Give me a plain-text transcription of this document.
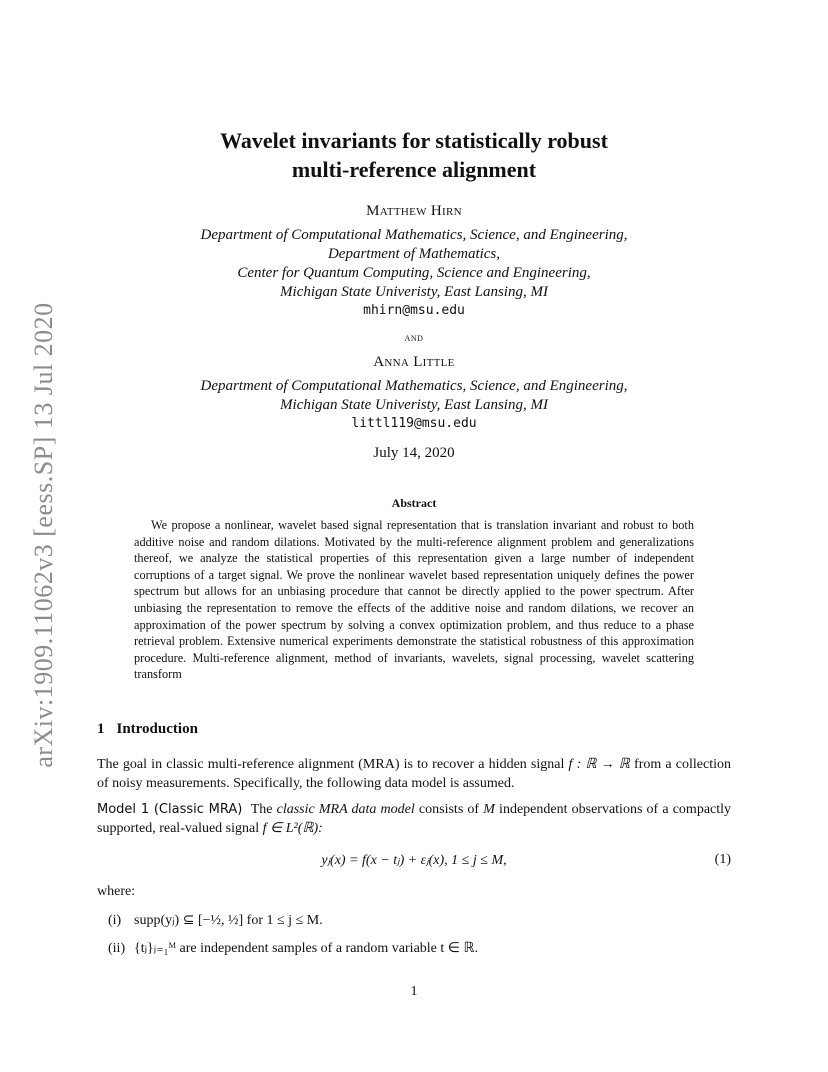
arXiv:1909.11062v3 [eess.SP] 13 Jul 2020
Wavelet invariants for statistically robust
multi-reference alignment
Matthew Hirn
Department of Computational Mathematics, Science, and Engineering,
Department of Mathematics,
Center for Quantum Computing, Science and Engineering,
Michigan State Univeristy, East Lansing, MI
mhirn@msu.edu
and
Anna Little
Department of Computational Mathematics, Science, and Engineering,
Michigan State Univeristy, East Lansing, MI
littl119@msu.edu
July 14, 2020
Abstract
We propose a nonlinear, wavelet based signal representation that is translation invariant and robust to both additive noise and random dilations. Motivated by the multi-reference alignment problem and generalizations thereof, we analyze the statistical properties of this representation given a large number of independent corruptions of a target signal. We prove the nonlinear wavelet based representation uniquely defines the power spectrum but allows for an unbiasing procedure that cannot be directly applied to the power spectrum. After unbiasing the representation to remove the effects of the additive noise and random dilations, we recover an approximation of the power spectrum by solving a convex optimization problem, and thus reduce to a phase retrieval problem. Extensive numerical experiments demonstrate the statistical robustness of this approximation procedure. Multi-reference alignment, method of invariants, wavelets, signal processing, wavelet scattering transform
1 Introduction
The goal in classic multi-reference alignment (MRA) is to recover a hidden signal f : ℝ → ℝ from a collection of noisy measurements. Specifically, the following data model is assumed.
Model 1 (Classic MRA) The classic MRA data model consists of M independent observations of a compactly supported, real-valued signal f ∈ L²(ℝ):
yⱼ(x) = f(x − tⱼ) + εⱼ(x), 1 ≤ j ≤ M,	(1)
where:
(i) supp(yⱼ) ⊆ [−½, ½] for 1 ≤ j ≤ M.
(ii) {tⱼ}ⱼ₌₁ᴹ are independent samples of a random variable t ∈ ℝ.
1
